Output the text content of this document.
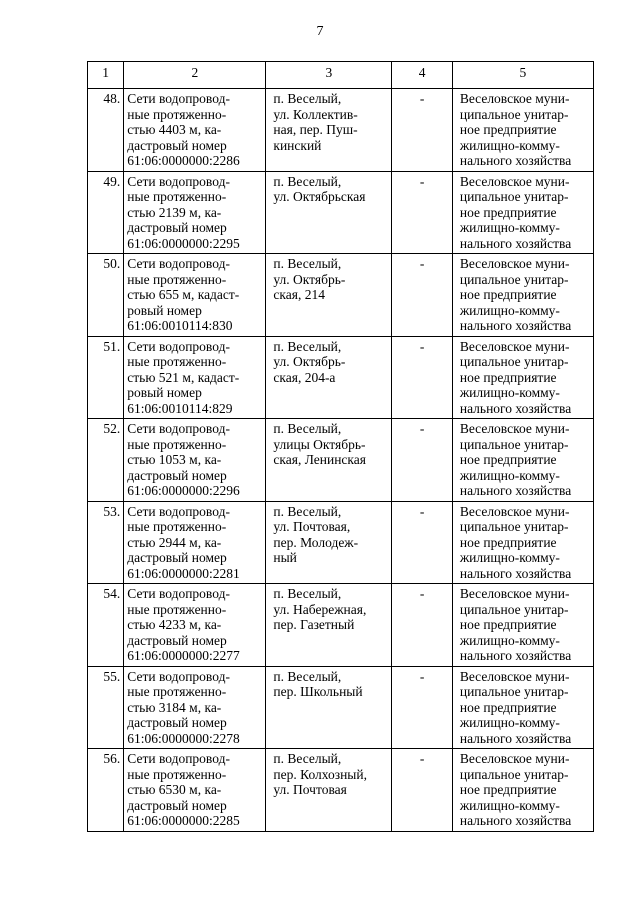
7
1	2	3	4	5
48.	Сети водопровод-
ные протяженно-
стью 4403 м, ка-
дастровый номер
61:06:0000000:2286	п. Веселый,
ул. Коллектив-
ная, пер. Пуш-
кинский	-	Веселовское муни-
ципальное унитар-
ное предприятие
жилищно-комму-
нального хозяйства

49.	Сети водопровод-
ные протяженно-
стью 2139 м, ка-
дастровый номер
61:06:0000000:2295	п. Веселый,
ул. Октябрьская	-	Веселовское муни-
ципальное унитар-
ное предприятие
жилищно-комму-
нального хозяйства

50.	Сети водопровод-
ные протяженно-
стью 655 м, кадаст-
ровый номер
61:06:0010114:830	п. Веселый,
ул. Октябрь-
ская, 214	-	Веселовское муни-
ципальное унитар-
ное предприятие
жилищно-комму-
нального хозяйства

51.	Сети водопровод-
ные протяженно-
стью 521 м, кадаст-
ровый номер
61:06:0010114:829	п. Веселый,
ул. Октябрь-
ская, 204-а	-	Веселовское муни-
ципальное унитар-
ное предприятие
жилищно-комму-
нального хозяйства

52.	Сети водопровод-
ные протяженно-
стью 1053 м, ка-
дастровый номер
61:06:0000000:2296	п. Веселый,
улицы Октябрь-
ская, Ленинская	-	Веселовское муни-
ципальное унитар-
ное предприятие
жилищно-комму-
нального хозяйства

53.	Сети водопровод-
ные протяженно-
стью 2944 м, ка-
дастровый номер
61:06:0000000:2281	п. Веселый,
ул. Почтовая,
пер. Молодеж-
ный	-	Веселовское муни-
ципальное унитар-
ное предприятие
жилищно-комму-
нального хозяйства

54.	Сети водопровод-
ные протяженно-
стью 4233 м, ка-
дастровый номер
61:06:0000000:2277	п. Веселый,
ул. Набережная,
пер. Газетный	-	Веселовское муни-
ципальное унитар-
ное предприятие
жилищно-комму-
нального хозяйства

55.	Сети водопровод-
ные протяженно-
стью 3184 м, ка-
дастровый номер
61:06:0000000:2278	п. Веселый,
пер. Школьный	-	Веселовское муни-
ципальное унитар-
ное предприятие
жилищно-комму-
нального хозяйства

56.	Сети водопровод-
ные протяженно-
стью 6530 м, ка-
дастровый номер
61:06:0000000:2285	п. Веселый,
пер. Колхозный,
ул. Почтовая	-	Веселовское муни-
ципальное унитар-
ное предприятие
жилищно-комму-
нального хозяйства
